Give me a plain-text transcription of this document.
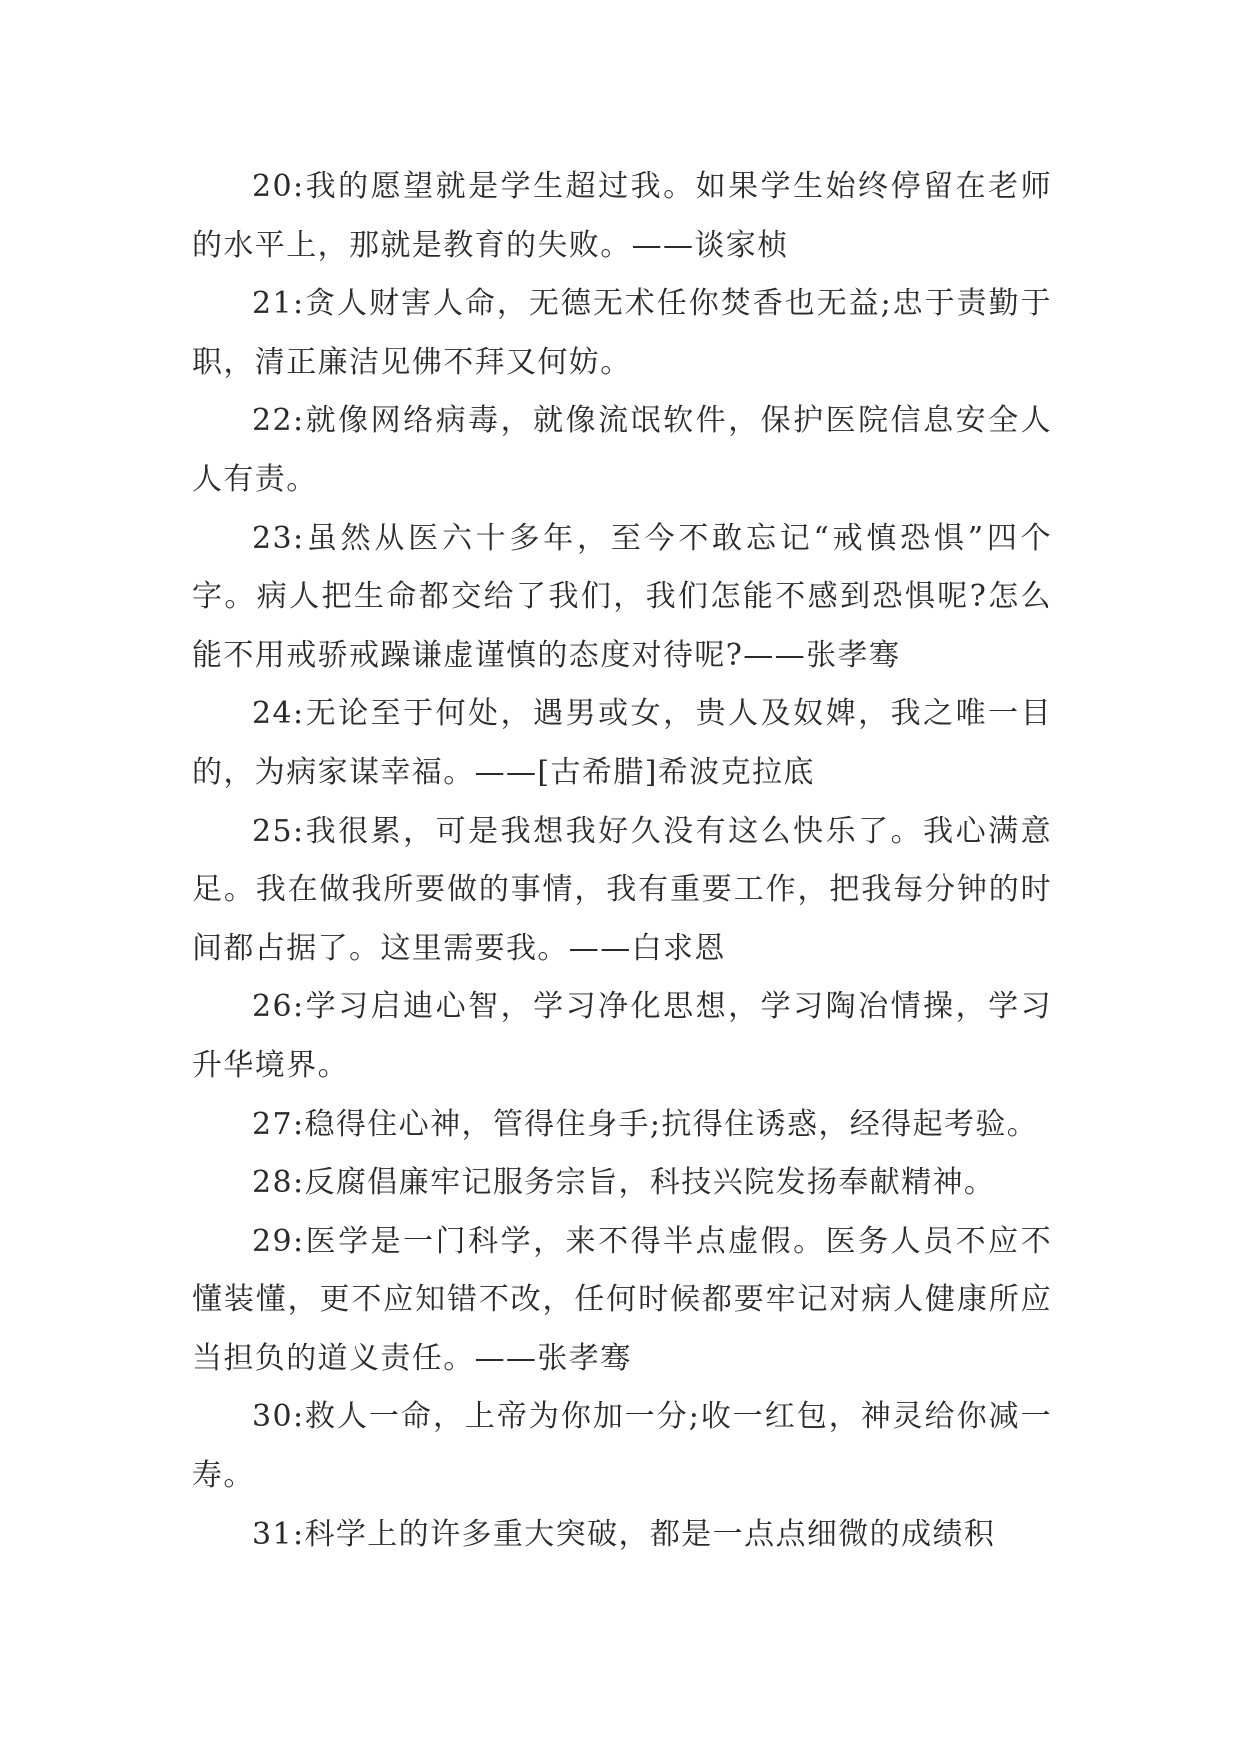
20:我的愿望就是学生超过我。如果学生始终停留在老师的水平上，那就是教育的失败。——谈家桢

21:贪人财害人命，无德无术任你焚香也无益;忠于责勤于职，清正廉洁见佛不拜又何妨。

22:就像网络病毒，就像流氓软件，保护医院信息安全人人有责。

23:虽然从医六十多年，至今不敢忘记“戒慎恐惧”四个字。病人把生命都交给了我们，我们怎能不感到恐惧呢?怎么能不用戒骄戒躁谦虚谨慎的态度对待呢?——张孝骞

24:无论至于何处，遇男或女，贵人及奴婢，我之唯一目的，为病家谋幸福。——[古希腊]希波克拉底

25:我很累，可是我想我好久没有这么快乐了。我心满意足。我在做我所要做的事情，我有重要工作，把我每分钟的时间都占据了。这里需要我。——白求恩

26:学习启迪心智，学习净化思想，学习陶冶情操，学习升华境界。

27:稳得住心神，管得住身手;抗得住诱惑，经得起考验。

28:反腐倡廉牢记服务宗旨，科技兴院发扬奉献精神。

29:医学是一门科学，来不得半点虚假。医务人员不应不懂装懂，更不应知错不改，任何时候都要牢记对病人健康所应当担负的道义责任。——张孝骞

30:救人一命，上帝为你加一分;收一红包，神灵给你减一寿。

31:科学上的许多重大突破，都是一点点细微的成绩积
